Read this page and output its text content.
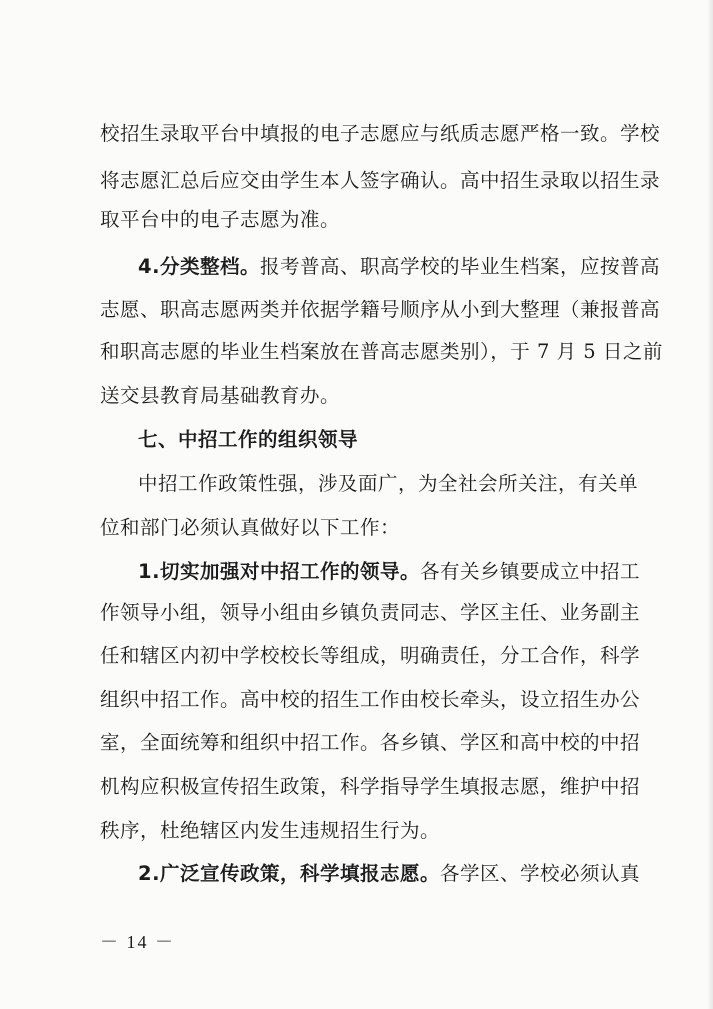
校招生录取平台中填报的电子志愿应与纸质志愿严格一致。学校
将志愿汇总后应交由学生本人签字确认。高中招生录取以招生录
取平台中的电子志愿为准。
4.分类整档。报考普高、职高学校的毕业生档案，应按普高
志愿、职高志愿两类并依据学籍号顺序从小到大整理（兼报普高
和职高志愿的毕业生档案放在普高志愿类别），于 7 月 5 日之前
送交县教育局基础教育办。
七、中招工作的组织领导
中招工作政策性强，涉及面广，为全社会所关注，有关单
位和部门必须认真做好以下工作：
1.切实加强对中招工作的领导。各有关乡镇要成立中招工
作领导小组，领导小组由乡镇负责同志、学区主任、业务副主
任和辖区内初中学校校长等组成，明确责任，分工合作，科学
组织中招工作。高中校的招生工作由校长牵头，设立招生办公
室，全面统筹和组织中招工作。各乡镇、学区和高中校的中招
机构应积极宣传招生政策，科学指导学生填报志愿，维护中招
秩序，杜绝辖区内发生违规招生行为。
2.广泛宣传政策，科学填报志愿。各学区、学校必须认真
－ 14 －
